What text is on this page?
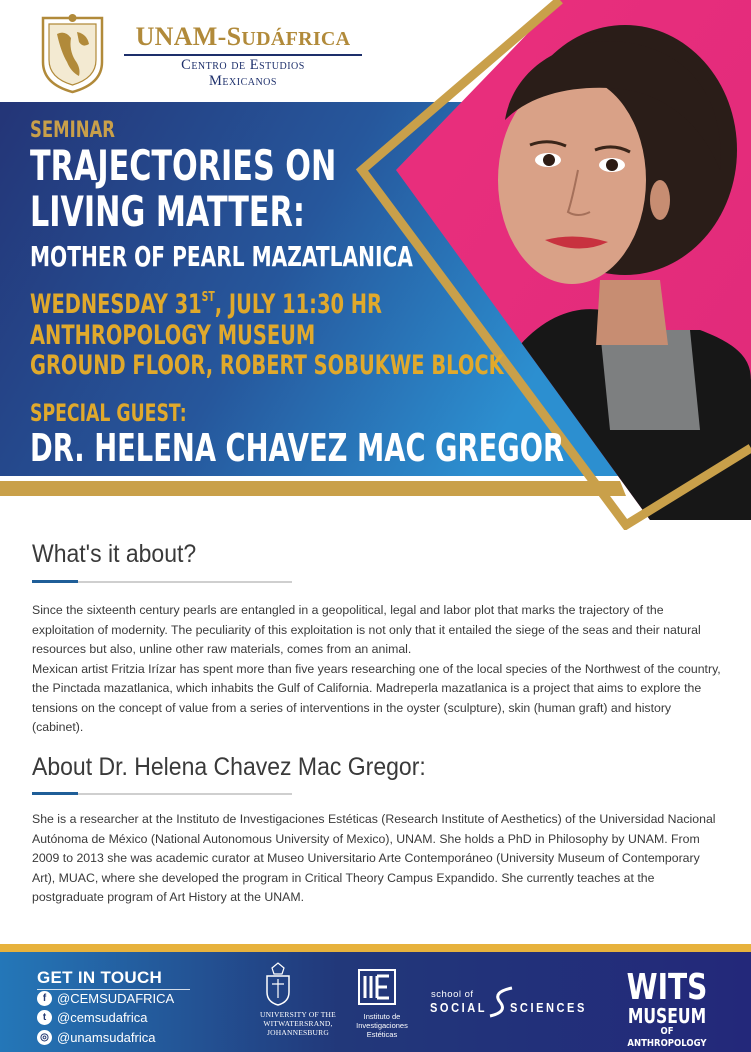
UNAM-SUDÁFRICA
Centro de Estudios
Mexicanos
SEMINAR
TRAJECTORIES ON
LIVING MATTER:
MOTHER OF PEARL MAZATLANICA
WEDNESDAY 31ST, JULY 11:30 HR
ANTHROPOLOGY MUSEUM
GROUND FLOOR, ROBERT SOBUKWE BLOCK
SPECIAL GUEST:
DR. HELENA CHAVEZ MAC GREGOR
What's it about?

Since the sixteenth century pearls are entangled in a geopolitical, legal and labor plot that marks the trajectory of the exploitation of modernity. The peculiarity of this exploitation is not only that it entailed the siege of the seas and their natural resources but also, unline other raw materials, comes from an animal.

Mexican artist Fritzia Irízar has spent more than five years researching one of the local species of the Northwest of the country, the Pinctada mazatlanica, which inhabits the Gulf of California. Madreperla mazatlanica is a project that aims to explore the tensions on the concept of value from a series of interventions in the oyster (sculpture), skin (human graft) and history (cabinet).

About Dr. Helena Chavez Mac Gregor:

She is a researcher at the Instituto de Investigaciones Estéticas (Research Institute of Aesthetics) of the Universidad Nacional Autónoma de México (National Autonomous University of Mexico), UNAM. She holds a PhD in Philosophy by UNAM. From 2009 to 2013 she was academic curator at Museo Universitario Arte Contemporáneo (University Museum of Contemporary Art), MUAC, where she developed the program in Critical Theory Campus Expandido. She currently teaches at the postgraduate program of Art History at the UNAM.

GET IN TOUCH
f @CEMSUDAFRICA
t @cemsudafrica
◎ @unamsudafrica
UNIVERSITY OF THE
WITWATERSRAND,
JOHANNESBURG
Instituto de
Investigaciones
Estéticas
school of
SOCIAL SCIENCES WITS
MUSEUM
OF ANTHROPOLOGY
